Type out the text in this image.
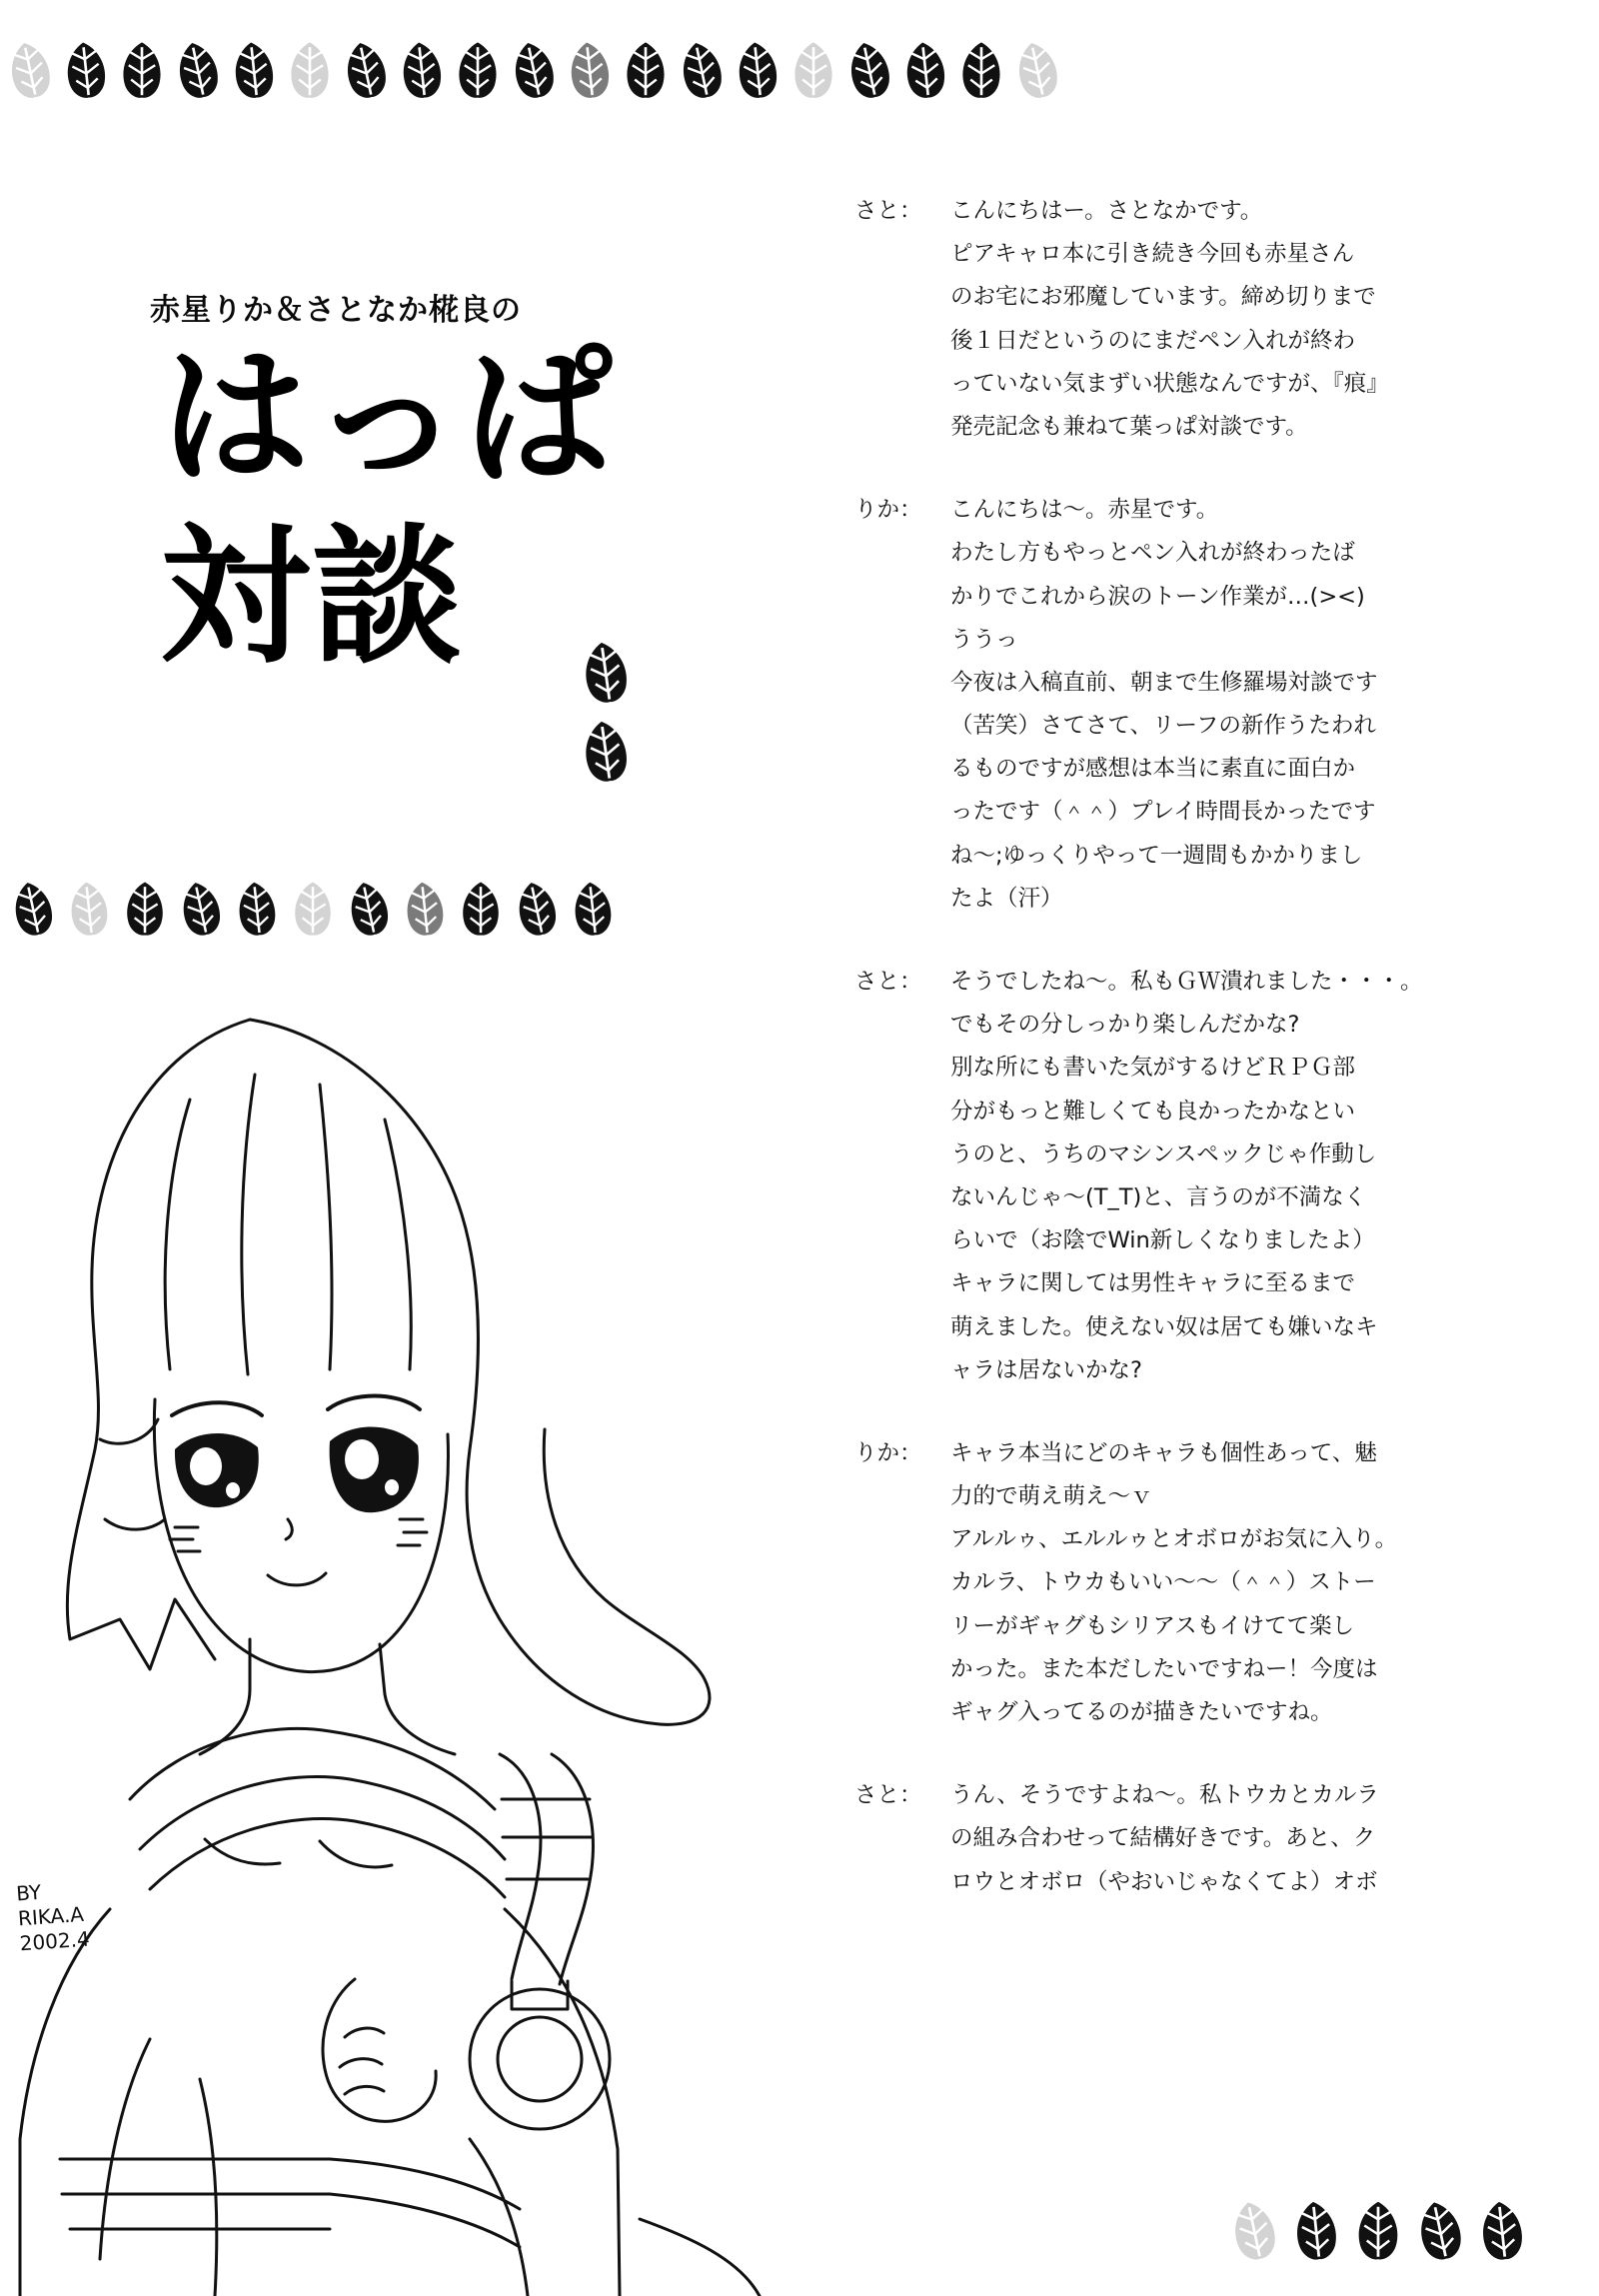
赤星りか＆さとなか椛良の
はっぱ
対談
BY
RIKA.A
2002.4
さと：	こんにちはー。さとなかです。
ピアキャロ本に引き続き今回も赤星さん
のお宅にお邪魔しています。締め切りまで
後１日だというのにまだペン入れが終わ
っていない気まずい状態なんですが、『痕』
発売記念も兼ねて葉っぱ対談です。
りか：	こんにちは〜。赤星です。
わたし方もやっとペン入れが終わったば
かりでこれから涙のトーン作業が…(><)
ううっ
今夜は入稿直前、朝まで生修羅場対談です
（苦笑）さてさて、リーフの新作うたわれ
るものですが感想は本当に素直に面白か
ったです（＾＾）プレイ時間長かったです
ね〜;ゆっくりやって一週間もかかりまし
たよ（汗）
さと：	そうでしたね〜。私もＧＷ潰れました・・・。
でもその分しっかり楽しんだかな?
別な所にも書いた気がするけどＲＰＧ部
分がもっと難しくても良かったかなとい
うのと、うちのマシンスペックじゃ作動し
ないんじゃ〜(T_T)と、言うのが不満なく
らいで（お陰でWin新しくなりましたよ）
キャラに関しては男性キャラに至るまで
萌えました。使えない奴は居ても嫌いなキ
ャラは居ないかな?
りか：	キャラ本当にどのキャラも個性あって、魅
力的で萌え萌え〜ｖ
アルルゥ、エルルゥとオボロがお気に入り。
カルラ、トウカもいい〜〜（＾＾）ストー
リーがギャグもシリアスもイけてて楽し
かった。また本だしたいですねー！今度は
ギャグ入ってるのが描きたいですね。
さと：	うん、そうですよね〜。私トウカとカルラ
の組み合わせって結構好きです。あと、ク
ロウとオボロ（やおいじゃなくてよ）オボ
